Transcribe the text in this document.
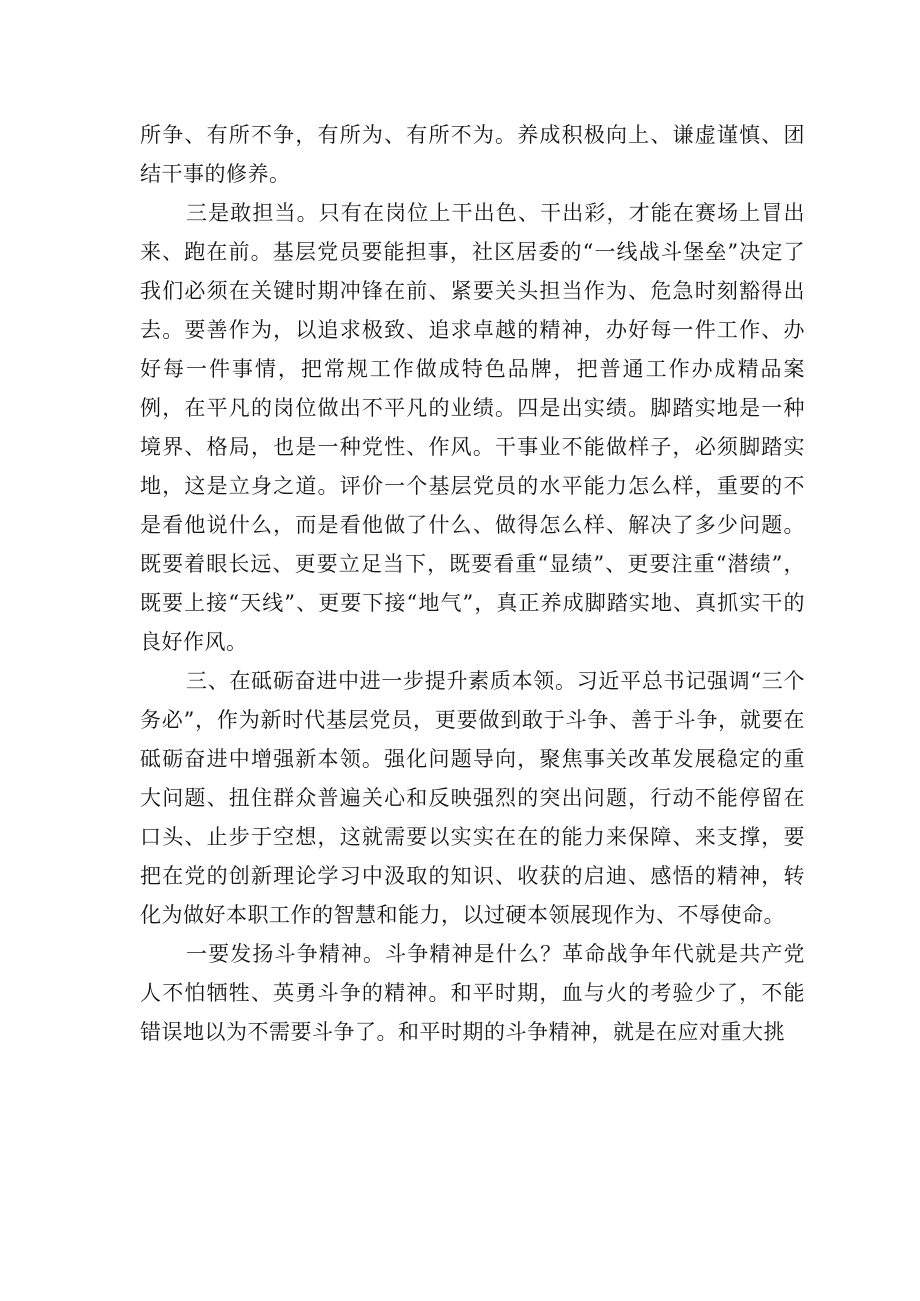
所争、有所不争，有所为、有所不为。养成积极向上、谦虚谨慎、团结干事的修养。

三是敢担当。只有在岗位上干出色、干出彩，才能在赛场上冒出来、跑在前。基层党员要能担事，社区居委的“一线战斗堡垒”决定了我们必须在关键时期冲锋在前、紧要关头担当作为、危急时刻豁得出去。要善作为，以追求极致、追求卓越的精神，办好每一件工作、办好每一件事情，把常规工作做成特色品牌，把普通工作办成精品案例，在平凡的岗位做出不平凡的业绩。四是出实绩。脚踏实地是一种境界、格局，也是一种党性、作风。干事业不能做样子，必须脚踏实地，这是立身之道。评价一个基层党员的水平能力怎么样，重要的不是看他说什么，而是看他做了什么、做得怎么样、解决了多少问题。既要着眼长远、更要立足当下，既要看重“显绩”、更要注重“潜绩”，既要上接“天线”、更要下接“地气”，真正养成脚踏实地、真抓实干的良好作风。

三、在砥砺奋进中进一步提升素质本领。习近平总书记强调“三个务必”，作为新时代基层党员，更要做到敢于斗争、善于斗争，就要在砥砺奋进中增强新本领。强化问题导向，聚焦事关改革发展稳定的重大问题、扭住群众普遍关心和反映强烈的突出问题，行动不能停留在口头、止步于空想，这就需要以实实在在的能力来保障、来支撑，要把在党的创新理论学习中汲取的知识、收获的启迪、感悟的精神，转化为做好本职工作的智慧和能力，以过硬本领展现作为、不辱使命。

一要发扬斗争精神。斗争精神是什么？革命战争年代就是共产党人不怕牺牲、英勇斗争的精神。和平时期，血与火的考验少了，不能错误地以为不需要斗争了。和平时期的斗争精神，就是在应对重大挑
